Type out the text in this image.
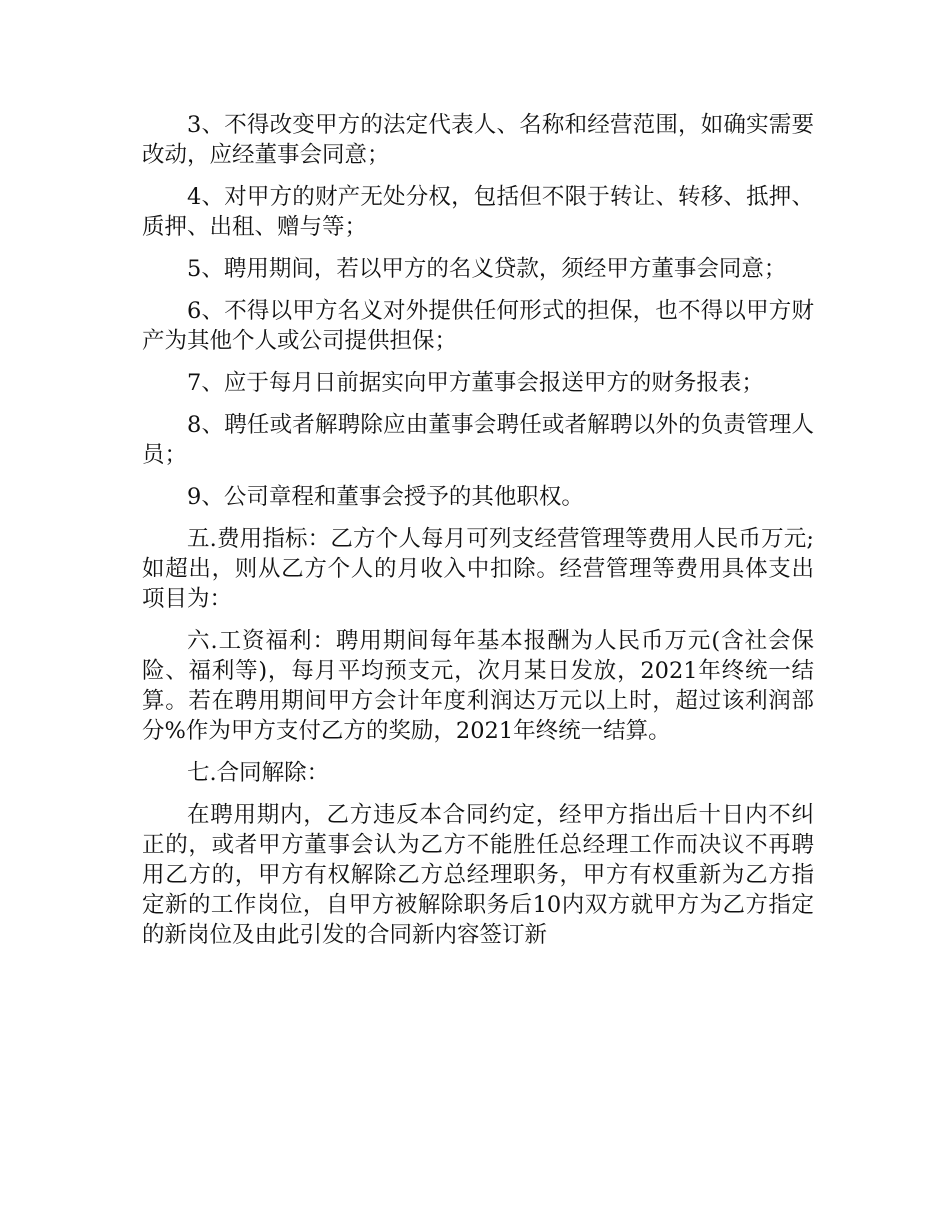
3、不得改变甲方的法定代表人、名称和经营范围，如确实需要改动，应经董事会同意；

4、对甲方的财产无处分权，包括但不限于转让、转移、抵押、质押、出租、赠与等；

5、聘用期间，若以甲方的名义贷款，须经甲方董事会同意；

6、不得以甲方名义对外提供任何形式的担保，也不得以甲方财产为其他个人或公司提供担保；

7、应于每月日前据实向甲方董事会报送甲方的财务报表；

8、聘任或者解聘除应由董事会聘任或者解聘以外的负责管理人员；

9、公司章程和董事会授予的其他职权。

五.费用指标：乙方个人每月可列支经营管理等费用人民币万元;如超出，则从乙方个人的月收入中扣除。经营管理等费用具体支出项目为：

六.工资福利：聘用期间每年基本报酬为人民币万元(含社会保险、福利等)，每月平均预支元，次月某日发放，2021年终统一结算。若在聘用期间甲方会计年度利润达万元以上时，超过该利润部分%作为甲方支付乙方的奖励，2021年终统一结算。

七.合同解除：

在聘用期内，乙方违反本合同约定，经甲方指出后十日内不纠正的，或者甲方董事会认为乙方不能胜任总经理工作而决议不再聘用乙方的，甲方有权解除乙方总经理职务，甲方有权重新为乙方指定新的工作岗位，自甲方被解除职务后10内双方就甲方为乙方指定的新岗位及由此引发的合同新内容签订新
